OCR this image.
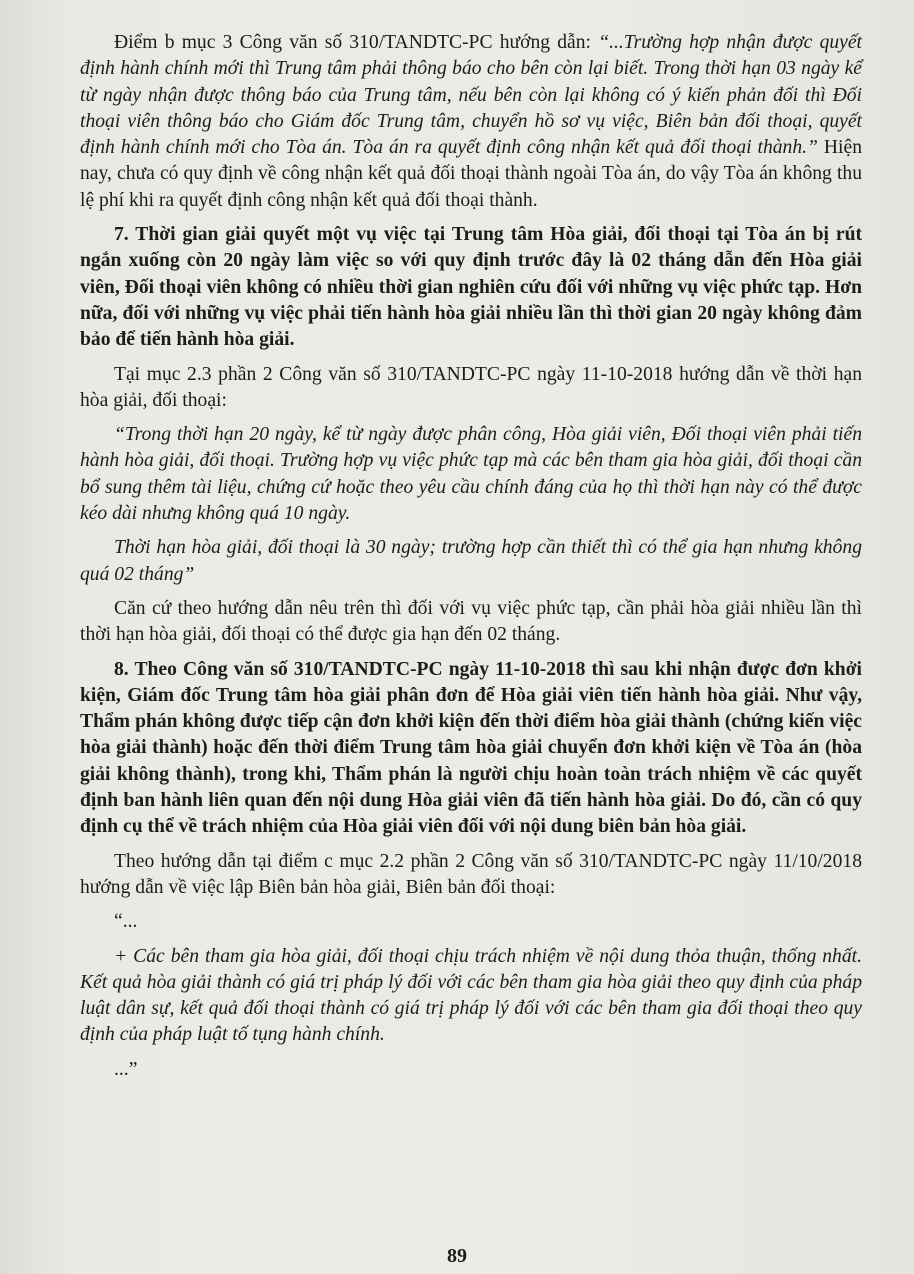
Điểm b mục 3 Công văn số 310/TANDTC-PC hướng dẫn: “...Trường hợp nhận được quyết định hành chính mới thì Trung tâm phải thông báo cho bên còn lại biết. Trong thời hạn 03 ngày kể từ ngày nhận được thông báo của Trung tâm, nếu bên còn lại không có ý kiến phản đối thì Đối thoại viên thông báo cho Giám đốc Trung tâm, chuyển hồ sơ vụ việc, Biên bản đối thoại, quyết định hành chính mới cho Tòa án. Tòa án ra quyết định công nhận kết quả đối thoại thành.” Hiện nay, chưa có quy định về công nhận kết quả đối thoại thành ngoài Tòa án, do vậy Tòa án không thu lệ phí khi ra quyết định công nhận kết quả đối thoại thành.

7. Thời gian giải quyết một vụ việc tại Trung tâm Hòa giải, đối thoại tại Tòa án bị rút ngắn xuống còn 20 ngày làm việc so với quy định trước đây là 02 tháng dẫn đến Hòa giải viên, Đối thoại viên không có nhiều thời gian nghiên cứu đối với những vụ việc phức tạp. Hơn nữa, đối với những vụ việc phải tiến hành hòa giải nhiều lần thì thời gian 20 ngày không đảm bảo để tiến hành hòa giải.

Tại mục 2.3 phần 2 Công văn số 310/TANDTC-PC ngày 11-10-2018 hướng dẫn về thời hạn hòa giải, đối thoại:

“Trong thời hạn 20 ngày, kể từ ngày được phân công, Hòa giải viên, Đối thoại viên phải tiến hành hòa giải, đối thoại. Trường hợp vụ việc phức tạp mà các bên tham gia hòa giải, đối thoại cần bổ sung thêm tài liệu, chứng cứ hoặc theo yêu cầu chính đáng của họ thì thời hạn này có thể được kéo dài nhưng không quá 10 ngày.

Thời hạn hòa giải, đối thoại là 30 ngày; trường hợp cần thiết thì có thể gia hạn nhưng không quá 02 tháng”

Căn cứ theo hướng dẫn nêu trên thì đối với vụ việc phức tạp, cần phải hòa giải nhiều lần thì thời hạn hòa giải, đối thoại có thể được gia hạn đến 02 tháng.

8. Theo Công văn số 310/TANDTC-PC ngày 11-10-2018 thì sau khi nhận được đơn khởi kiện, Giám đốc Trung tâm hòa giải phân đơn để Hòa giải viên tiến hành hòa giải. Như vậy, Thẩm phán không được tiếp cận đơn khởi kiện đến thời điểm hòa giải thành (chứng kiến việc hòa giải thành) hoặc đến thời điểm Trung tâm hòa giải chuyển đơn khởi kiện về Tòa án (hòa giải không thành), trong khi, Thẩm phán là người chịu hoàn toàn trách nhiệm về các quyết định ban hành liên quan đến nội dung Hòa giải viên đã tiến hành hòa giải. Do đó, cần có quy định cụ thể về trách nhiệm của Hòa giải viên đối với nội dung biên bản hòa giải.

Theo hướng dẫn tại điểm c mục 2.2 phần 2 Công văn số 310/TANDTC-PC ngày 11/10/2018 hướng dẫn về việc lập Biên bản hòa giải, Biên bản đối thoại:

“...

+ Các bên tham gia hòa giải, đối thoại chịu trách nhiệm về nội dung thỏa thuận, thống nhất. Kết quả hòa giải thành có giá trị pháp lý đối với các bên tham gia hòa giải theo quy định của pháp luật dân sự, kết quả đối thoại thành có giá trị pháp lý đối với các bên tham gia đối thoại theo quy định của pháp luật tố tụng hành chính.

...”

89
